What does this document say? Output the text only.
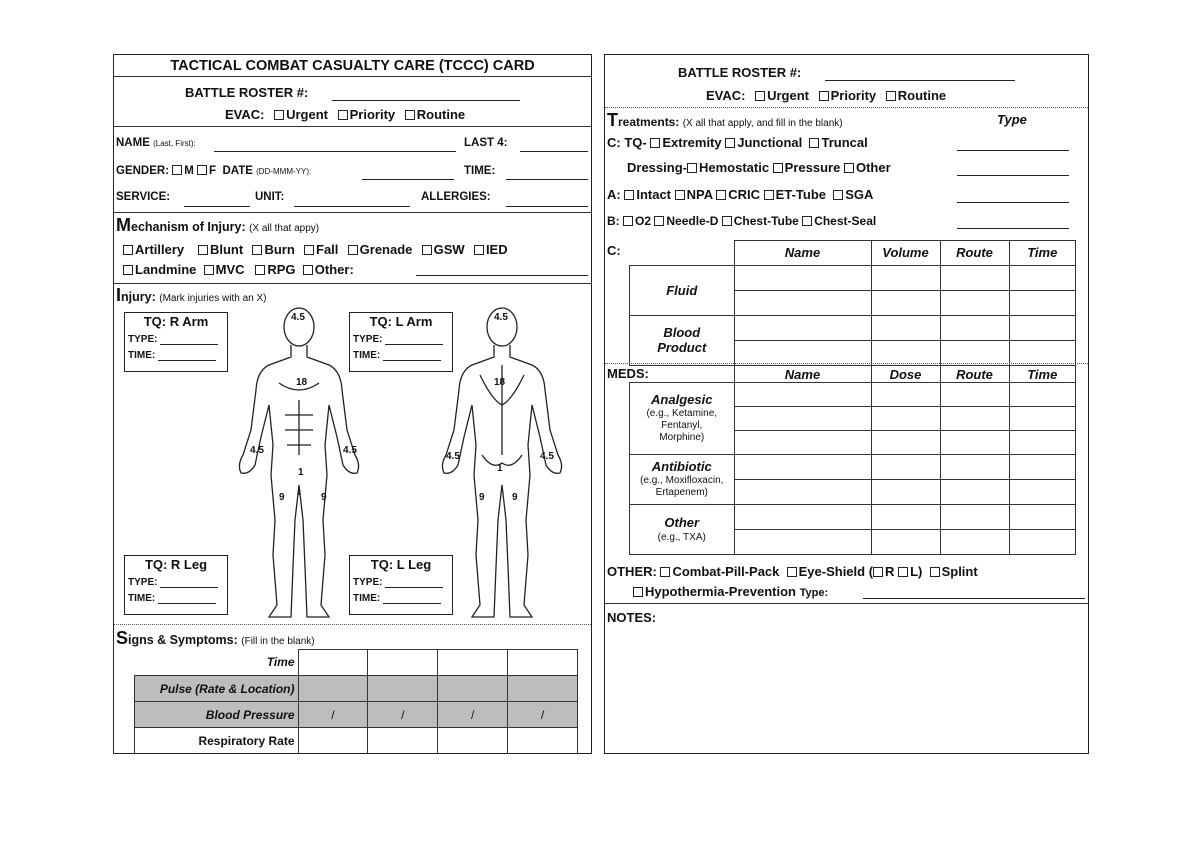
TACTICAL COMBAT CASUALTY CARE (TCCC) CARD
BATTLE ROSTER #:
EVAC: Urgent Priority Routine
NAME (Last, First):	LAST 4:
GENDER: M F DATE (DD-MMM-YY):	TIME:
SERVICE:	UNIT:	ALLERGIES:
Mechanism of Injury: (X all that appy)
Artillery Blunt Burn Fall Grenade GSW IED
Landmine MVC RPG Other:
Injury: (Mark injuries with an X)
4.5
18
4.5	4.5
1
9	9
4.5
18
4.5	4.5
1
9	9
TQ: R Arm
TYPE:
TIME:
TQ: L Arm
TYPE:
TIME:
TQ: R Leg
TYPE:
TIME:
TQ: L Leg
TYPE:
TIME:
Signs & Symptoms: (Fill in the blank)
Time				
Pulse (Rate & Location)				
Blood Pressure	/	/	/	/
Respiratory Rate				
BATTLE ROSTER #:
EVAC: Urgent Priority Routine
Treatments: (X all that apply, and fill in the blank)	Type
C: TQ- Extremity Junctional Truncal
Dressing- Hemostatic Pressure Other
A: Intact NPA CRIC ET-Tube SGA
B: O2 Needle-D Chest-Tube Chest-Seal
C:
		Name	Volume	Route	Time
Fluid				

Blood
Product				

MEDS:
		Name	Dose	Route	Time
Analgesic
(e.g., Ketamine,
Fentanyl,
Morphine)				

Antibiotic
(e.g., Moxifloxacin,
Ertapenem)				

Other
(e.g., TXA)				

OTHER: Combat-Pill-Pack Eye-Shield ( R L) Splint
Hypothermia-Prevention Type:
NOTES:
